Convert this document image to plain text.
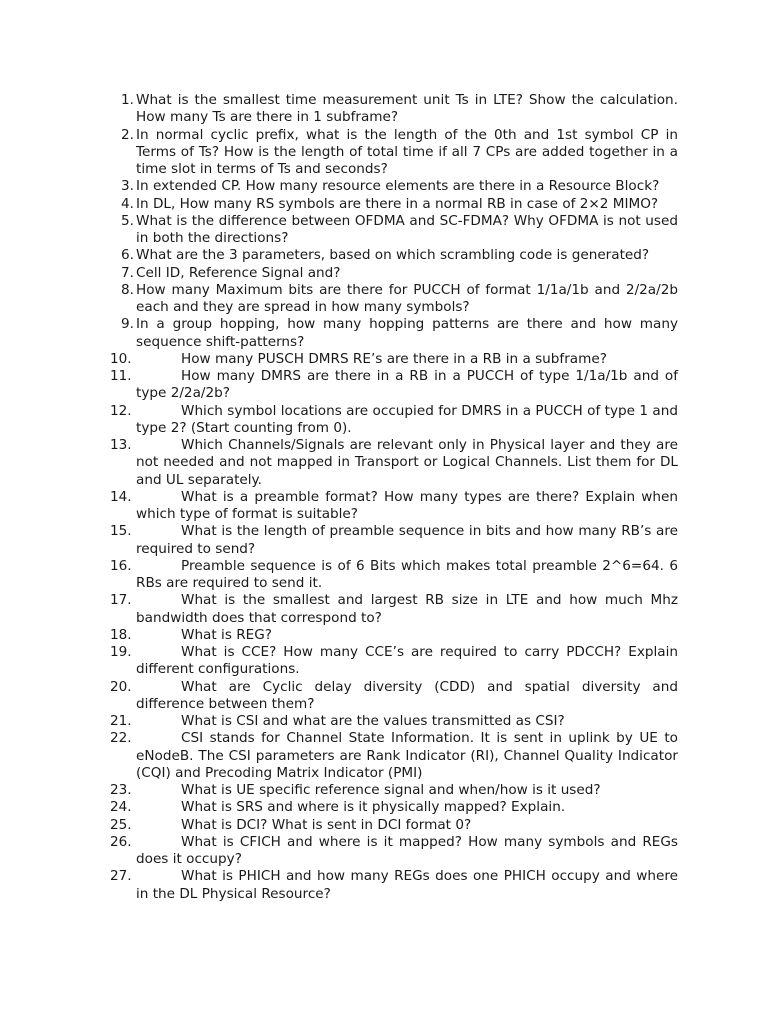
1. What is the smallest time measurement unit Ts in LTE? Show the calculation. How many Ts are there in 1 subframe?
2. In normal cyclic prefix, what is the length of the 0th and 1st symbol CP in Terms of Ts? How is the length of total time if all 7 CPs are added together in a time slot in terms of Ts and seconds?
3. In extended CP. How many resource elements are there in a Resource Block?
4. In DL, How many RS symbols are there in a normal RB in case of 2×2 MIMO?
5. What is the difference between OFDMA and SC-FDMA? Why OFDMA is not used in both the directions?
6. What are the 3 parameters, based on which scrambling code is generated?
7. Cell ID, Reference Signal and?
8. How many Maximum bits are there for PUCCH of format 1/1a/1b and 2/2a/2b each and they are spread in how many symbols?
9. In a group hopping, how many hopping patterns are there and how many sequence shift-patterns?
10.	How many PUSCH DMRS RE’s are there in a RB in a subframe?
11.	How many DMRS are there in a RB in a PUCCH of type 1/1a/1b and of type 2/2a/2b?
12.	Which symbol locations are occupied for DMRS in a PUCCH of type 1 and type 2? (Start counting from 0).
13.	Which Channels/Signals are relevant only in Physical layer and they are not needed and not mapped in Transport or Logical Channels. List them for DL and UL separately.
14.	What is a preamble format? How many types are there? Explain when which type of format is suitable?
15.	What is the length of preamble sequence in bits and how many RB’s are required to send?
16.	Preamble sequence is of 6 Bits which makes total preamble 2^6=64. 6 RBs are required to send it.
17.	What is the smallest and largest RB size in LTE and how much Mhz bandwidth does that correspond to?
18.	What is REG?
19.	What is CCE? How many CCE’s are required to carry PDCCH? Explain different configurations.
20.	What are Cyclic delay diversity (CDD) and spatial diversity and difference between them?
21.	What is CSI and what are the values transmitted as CSI?
22.	CSI stands for Channel State Information. It is sent in uplink by UE to eNodeB. The CSI parameters are Rank Indicator (RI), Channel Quality Indicator (CQI) and Precoding Matrix Indicator (PMI)
23.	What is UE specific reference signal and when/how is it used?
24.	What is SRS and where is it physically mapped? Explain.
25.	What is DCI? What is sent in DCI format 0?
26.	What is CFICH and where is it mapped? How many symbols and REGs does it occupy?
27.	What is PHICH and how many REGs does one PHICH occupy and where in the DL Physical Resource?
